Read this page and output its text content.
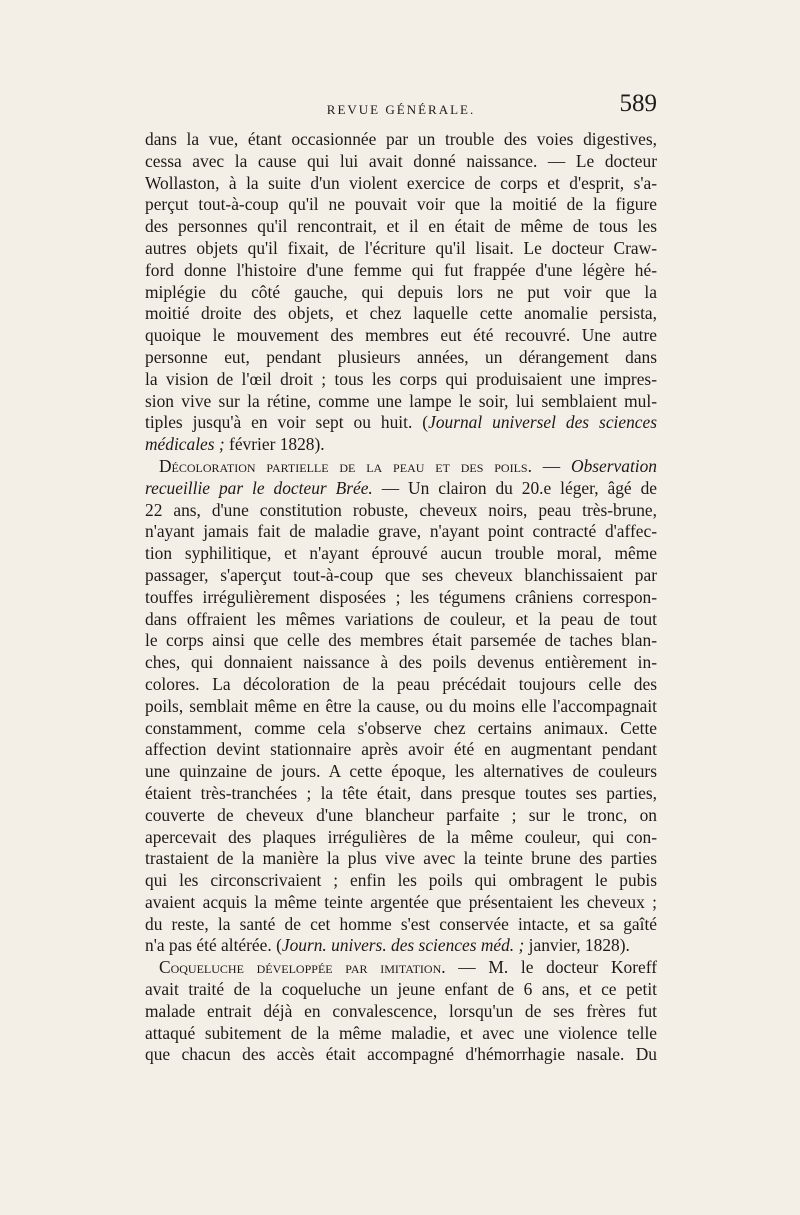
REVUE GÉNÉRALE.	589
dans la vue, étant occasionnée par un trouble des voies digestives,
cessa avec la cause qui lui avait donné naissance. — Le docteur
Wollaston, à la suite d'un violent exercice de corps et d'esprit, s'a-
perçut tout-à-coup qu'il ne pouvait voir que la moitié de la figure
des personnes qu'il rencontrait, et il en était de même de tous les
autres objets qu'il fixait, de l'écriture qu'il lisait. Le docteur Craw-
ford donne l'histoire d'une femme qui fut frappée d'une légère hé-
miplégie du côté gauche, qui depuis lors ne put voir que la
moitié droite des objets, et chez laquelle cette anomalie persista,
quoique le mouvement des membres eut été recouvré. Une autre
personne eut, pendant plusieurs années, un dérangement dans
la vision de l'œil droit ; tous les corps qui produisaient une impres-
sion vive sur la rétine, comme une lampe le soir, lui semblaient mul-
tiples jusqu'à en voir sept ou huit. (Journal universel des sciences
médicales ; février 1828).
Décoloration partielle de la peau et des poils. — Observation
recueillie par le docteur Brée. — Un clairon du 20.e léger, âgé de
22 ans, d'une constitution robuste, cheveux noirs, peau très-brune,
n'ayant jamais fait de maladie grave, n'ayant point contracté d'affec-
tion syphilitique, et n'ayant éprouvé aucun trouble moral, même
passager, s'aperçut tout-à-coup que ses cheveux blanchissaient par
touffes irrégulièrement disposées ; les tégumens crâniens correspon-
dans offraient les mêmes variations de couleur, et la peau de tout
le corps ainsi que celle des membres était parsemée de taches blan-
ches, qui donnaient naissance à des poils devenus entièrement in-
colores. La décoloration de la peau précédait toujours celle des
poils, semblait même en être la cause, ou du moins elle l'accompagnait
constamment, comme cela s'observe chez certains animaux. Cette
affection devint stationnaire après avoir été en augmentant pendant
une quinzaine de jours. A cette époque, les alternatives de couleurs
étaient très-tranchées ; la tête était, dans presque toutes ses parties,
couverte de cheveux d'une blancheur parfaite ; sur le tronc, on
apercevait des plaques irrégulières de la même couleur, qui con-
trastaient de la manière la plus vive avec la teinte brune des parties
qui les circonscrivaient ; enfin les poils qui ombragent le pubis
avaient acquis la même teinte argentée que présentaient les cheveux ;
du reste, la santé de cet homme s'est conservée intacte, et sa gaîté
n'a pas été altérée. (Journ. univers. des sciences méd. ; janvier, 1828).
Coqueluche développée par imitation. — M. le docteur Koreff
avait traité de la coqueluche un jeune enfant de 6 ans, et ce petit
malade entrait déjà en convalescence, lorsqu'un de ses frères fut
attaqué subitement de la même maladie, et avec une violence telle
que chacun des accès était accompagné d'hémorrhagie nasale. Du
